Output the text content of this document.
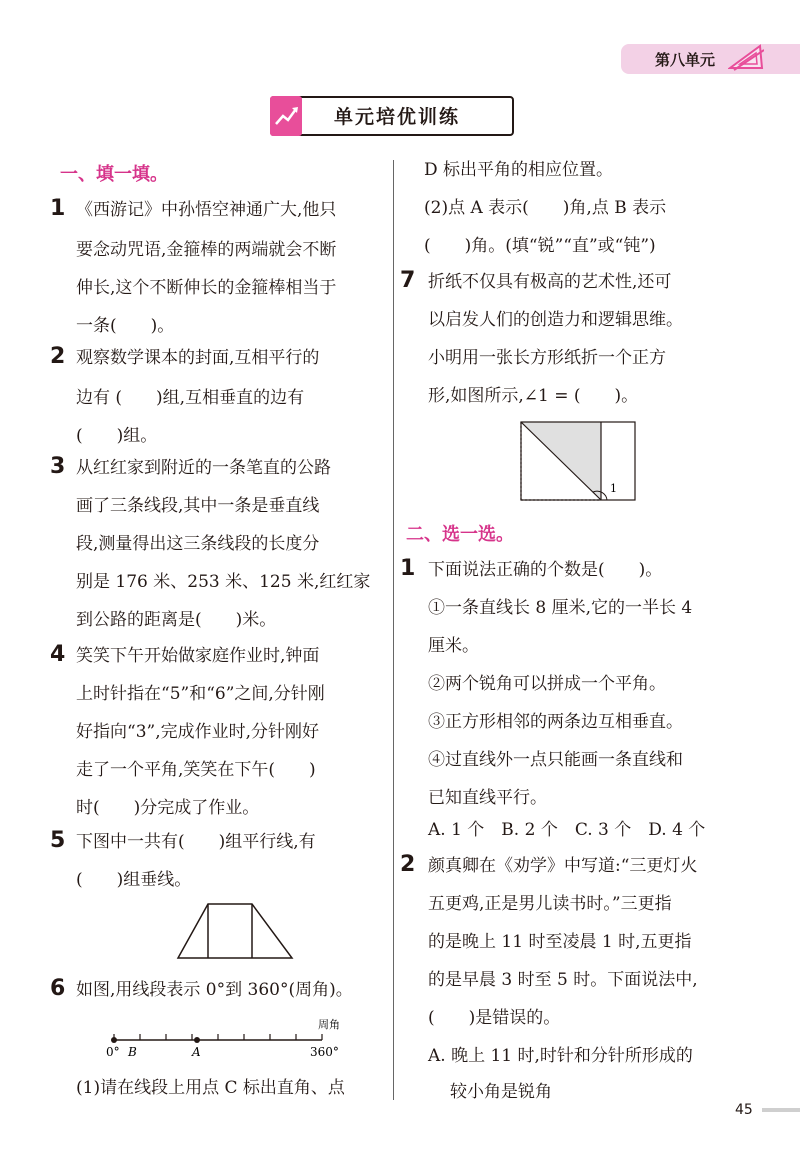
第八单元
单元培优训练
一、填一填。
1 《西游记》中孙悟空神通广大,他只
要念动咒语,金箍棒的两端就会不断
伸长,这个不断伸长的金箍棒相当于
一条(　　)。
2 观察数学课本的封面,互相平行的
边有 (　　)组,互相垂直的边有
(　　)组。
3 从红红家到附近的一条笔直的公路
画了三条线段,其中一条是垂直线
段,测量得出这三条线段的长度分
别是 176 米、253 米、125 米,红红家
到公路的距离是(　　)米。
4 笑笑下午开始做家庭作业时,钟面
上时针指在“5”和“6”之间,分针刚
好指向“3”,完成作业时,分针刚好
走了一个平角,笑笑在下午(　　)
时(　　)分完成了作业。
5 下图中一共有(　　)组平行线,有
(　　)组垂线。
6 如图,用线段表示 0°到 360°(周角)。
周角
0° B	A	360°
(1)请在线段上用点 C 标出直角、点
D 标出平角的相应位置。
(2)点 A 表示(　　)角,点 B 表示
(　　)角。(填“锐”“直”或“钝”)
7 折纸不仅具有极高的艺术性,还可
以启发人们的创造力和逻辑思维。
小明用一张长方形纸折一个正方
形,如图所示,∠1 = (　　)。
1
二、选一选。
1 下面说法正确的个数是(　　)。
①一条直线长 8 厘米,它的一半长 4
厘米。
②两个锐角可以拼成一个平角。
③正方形相邻的两条边互相垂直。
④过直线外一点只能画一条直线和
已知直线平行。
A. 1 个　B. 2 个　C. 3 个　D. 4 个
2 颜真卿在《劝学》中写道:“三更灯火
五更鸡,正是男儿读书时。”三更指
的是晚上 11 时至凌晨 1 时,五更指
的是早晨 3 时至 5 时。下面说法中,
(　　)是错误的。
A. 晚上 11 时,时针和分针所形成的
较小角是锐角
45
